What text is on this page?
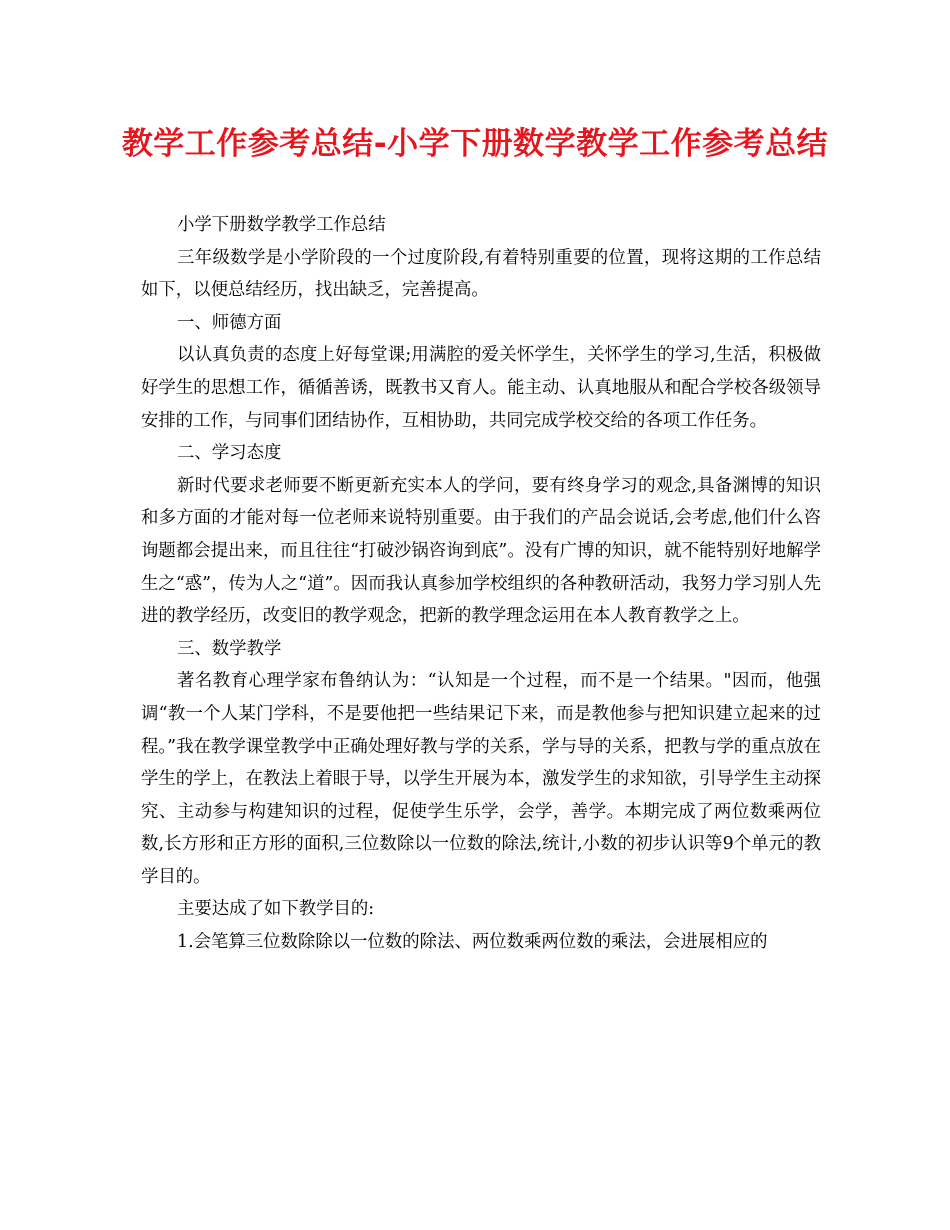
教学工作参考总结-小学下册数学教学工作参考总结

小学下册数学教学工作总结

三年级数学是小学阶段的一个过度阶段,有着特别重要的位置，现将这期的工作总结如下，以便总结经历，找出缺乏，完善提高。

一、师德方面

以认真负责的态度上好每堂课;用满腔的爱关怀学生，关怀学生的学习,生活，积极做好学生的思想工作，循循善诱，既教书又育人。能主动、认真地服从和配合学校各级领导安排的工作，与同事们团结协作，互相协助，共同完成学校交给的各项工作任务。

二、学习态度

新时代要求老师要不断更新充实本人的学问，要有终身学习的观念,具备渊博的知识和多方面的才能对每一位老师来说特别重要。由于我们的产品会说话,会考虑,他们什么咨询题都会提出来，而且往往“打破沙锅咨询到底”。没有广博的知识，就不能特别好地解学生之“惑”，传为人之“道”。因而我认真参加学校组织的各种教研活动，我努力学习别人先进的教学经历，改变旧的教学观念，把新的教学理念运用在本人教育教学之上。

三、数学教学

著名教育心理学家布鲁纳认为：“认知是一个过程，而不是一个结果。"因而，他强调“教一个人某门学科，不是要他把一些结果记下来，而是教他参与把知识建立起来的过程。”我在教学课堂教学中正确处理好教与学的关系，学与导的关系，把教与学的重点放在学生的学上，在教法上着眼于导，以学生开展为本，激发学生的求知欲，引导学生主动探究、主动参与构建知识的过程，促使学生乐学，会学，善学。本期完成了两位数乘两位数,长方形和正方形的面积,三位数除以一位数的除法,统计,小数的初步认识等9个单元的教学目的。

主要达成了如下教学目的:

1.会笔算三位数除除以一位数的除法、两位数乘两位数的乘法，会进展相应的
